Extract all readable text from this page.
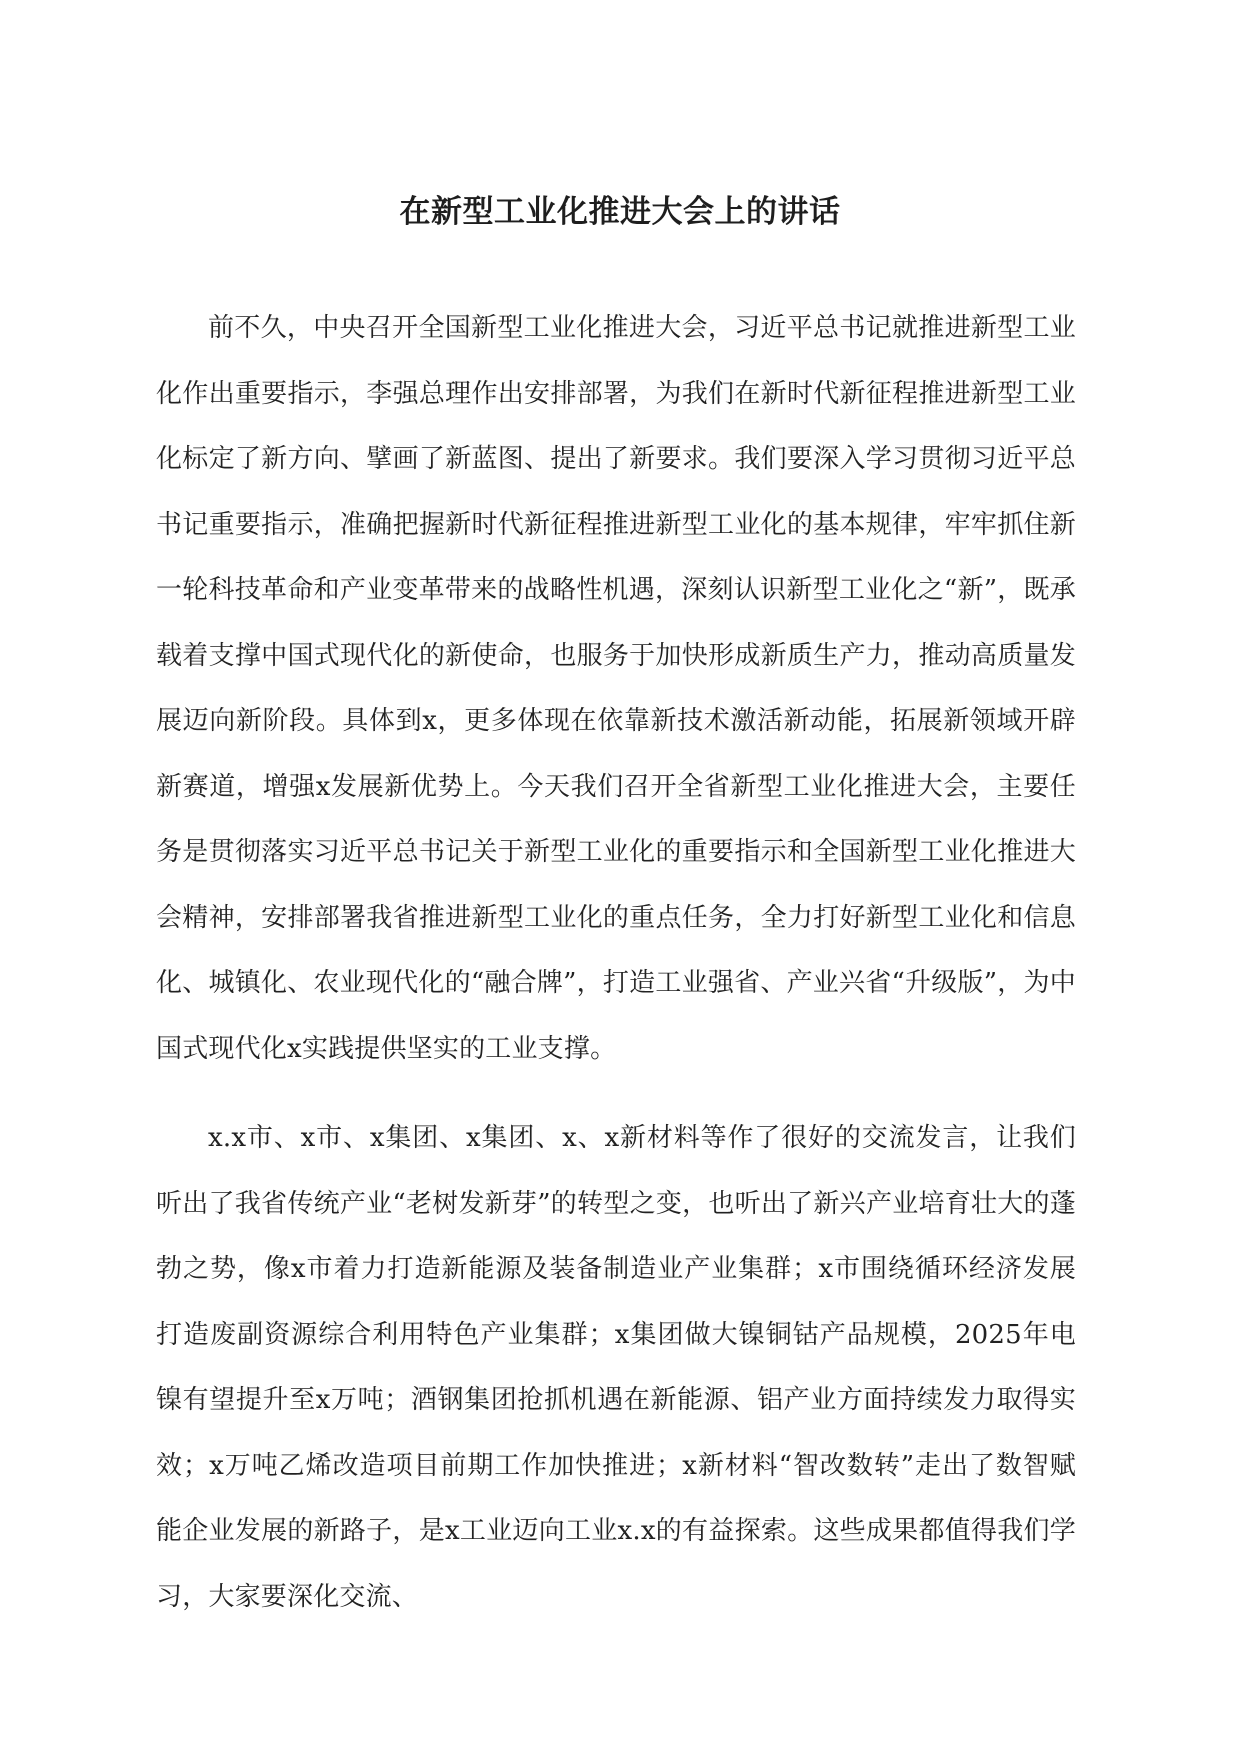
在新型工业化推进大会上的讲话

前不久，中央召开全国新型工业化推进大会，习近平总书记就推进新型工业化作出重要指示，李强总理作出安排部署，为我们在新时代新征程推进新型工业化标定了新方向、擘画了新蓝图、提出了新要求。我们要深入学习贯彻习近平总书记重要指示，准确把握新时代新征程推进新型工业化的基本规律，牢牢抓住新一轮科技革命和产业变革带来的战略性机遇，深刻认识新型工业化之“新”，既承载着支撑中国式现代化的新使命，也服务于加快形成新质生产力，推动高质量发展迈向新阶段。具体到x，更多体现在依靠新技术激活新动能，拓展新领域开辟新赛道，增强x发展新优势上。今天我们召开全省新型工业化推进大会，主要任务是贯彻落实习近平总书记关于新型工业化的重要指示和全国新型工业化推进大会精神，安排部署我省推进新型工业化的重点任务，全力打好新型工业化和信息化、城镇化、农业现代化的“融合牌”，打造工业强省、产业兴省“升级版”，为中国式现代化x实践提供坚实的工业支撑。

x.x市、x市、x集团、x集团、x、x新材料等作了很好的交流发言，让我们听出了我省传统产业“老树发新芽”的转型之变，也听出了新兴产业培育壮大的蓬勃之势，像x市着力打造新能源及装备制造业产业集群；x市围绕循环经济发展打造废副资源综合利用特色产业集群；x集团做大镍铜钴产品规模，2025年电镍有望提升至x万吨；酒钢集团抢抓机遇在新能源、铝产业方面持续发力取得实效；x万吨乙烯改造项目前期工作加快推进；x新材料“智改数转”走出了数智赋能企业发展的新路子，是x工业迈向工业x.x的有益探索。这些成果都值得我们学习，大家要深化交流、
